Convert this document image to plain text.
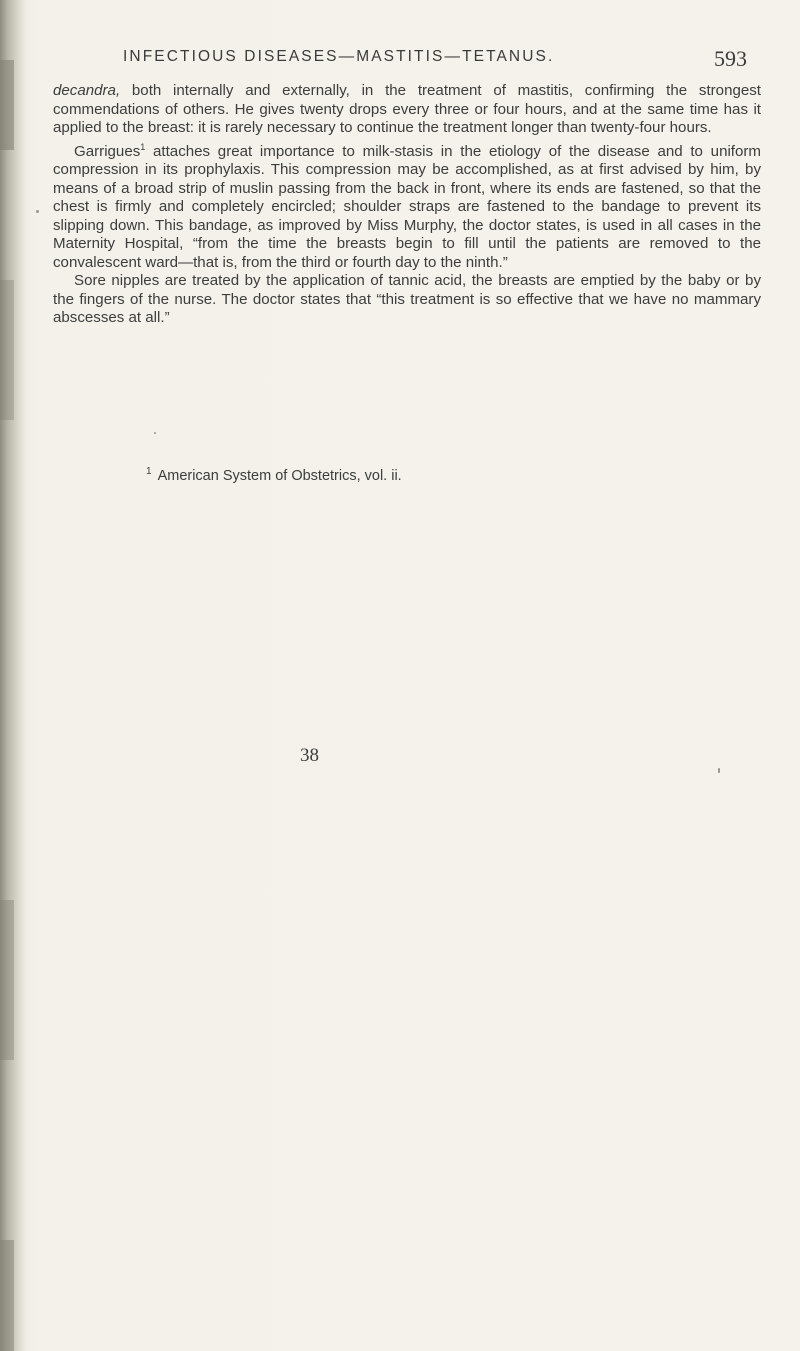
INFECTIOUS DISEASES—MASTITIS—TETANUS.	593

decandra, both internally and externally, in the treatment of mastitis, confirming the strongest commendations of others. He gives twenty drops every three or four hours, and at the same time has it applied to the breast: it is rarely necessary to continue the treatment longer than twenty-four hours.

Garrigues$^1$ attaches great importance to milk-stasis in the etiology of the disease and to uniform compression in its prophylaxis. This compression may be accomplished, as at first advised by him, by means of a broad strip of muslin passing from the back in front, where its ends are fastened, so that the chest is firmly and completely encircled; shoulder straps are fastened to the bandage to prevent its slipping down. This bandage, as improved by Miss Murphy, the doctor states, is used in all cases in the Maternity Hospital, “from the time the breasts begin to fill until the patients are removed to the convalescent ward—that is, from the third or fourth day to the ninth.”

Sore nipples are treated by the application of tannic acid, the breasts are emptied by the baby or by the fingers of the nurse. The doctor states that “this treatment is so effective that we have no mammary abscesses at all.”

$^1$ American System of Obstetrics, vol. ii.
38
